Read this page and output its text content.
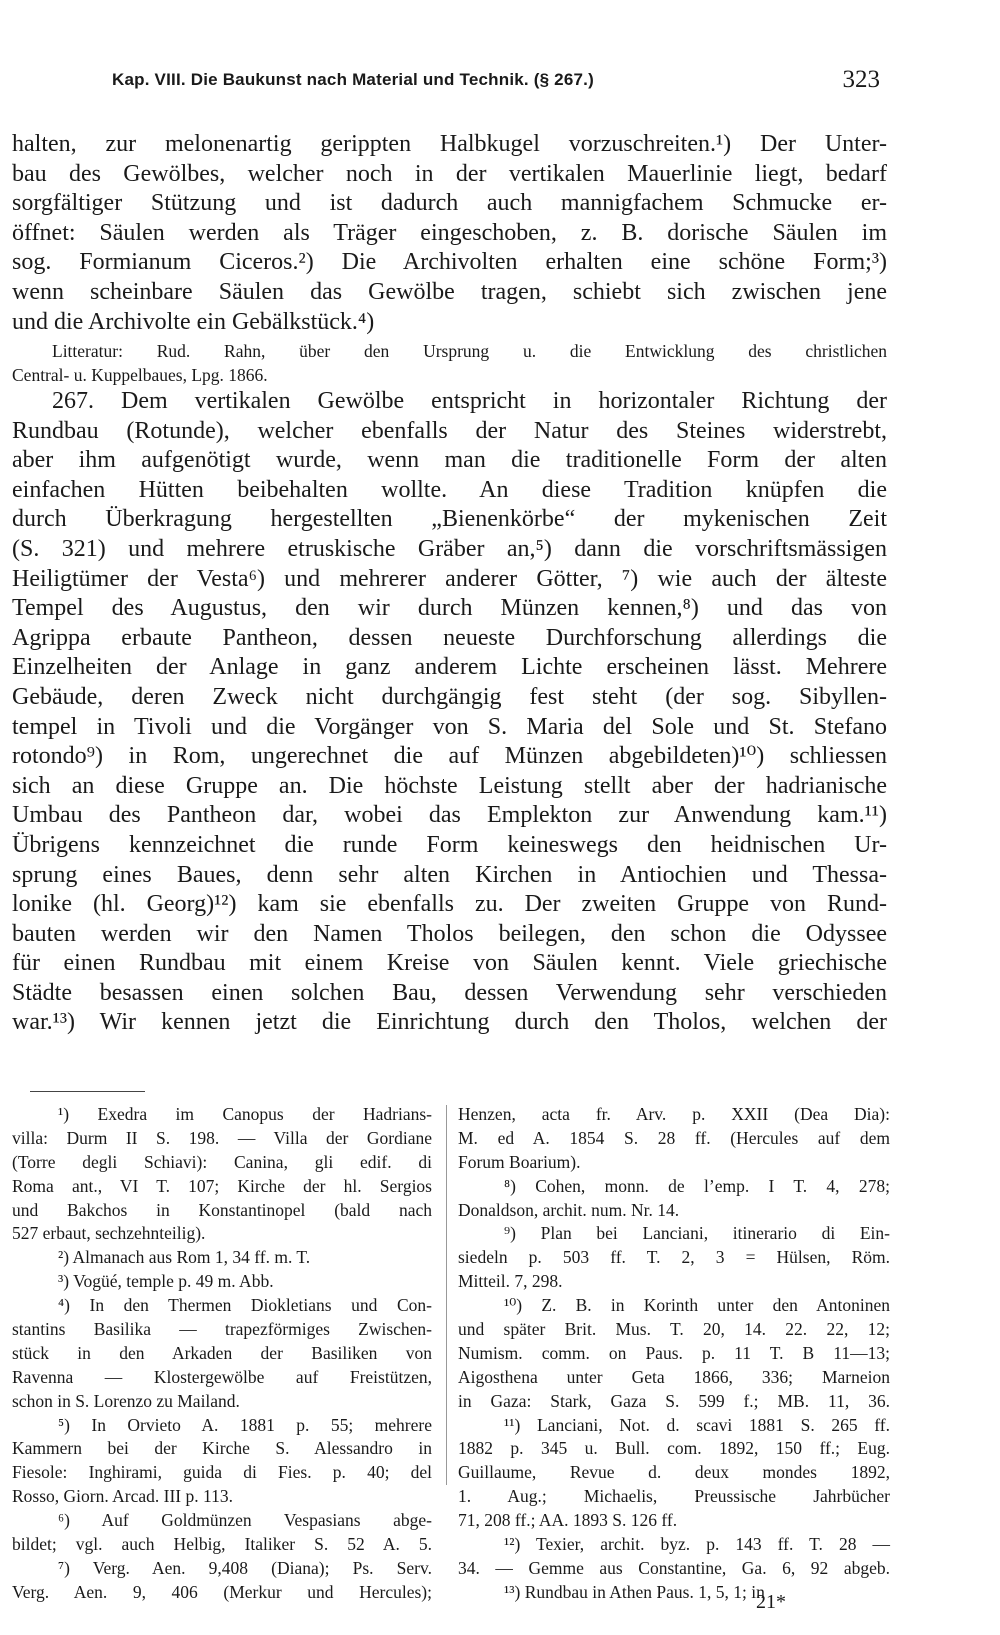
Kap. VIII. Die Baukunst nach Material und Technik. (§ 267.)	323
halten, zur melonenartig gerippten Halbkugel vorzuschreiten.¹) Der Unter-
bau des Gewölbes, welcher noch in der vertikalen Mauerlinie liegt, bedarf
sorgfältiger Stützung und ist dadurch auch mannigfachem Schmucke er-
öffnet: Säulen werden als Träger eingeschoben, z. B. dorische Säulen im
sog. Formianum Ciceros.²) Die Archivolten erhalten eine schöne Form;³)
wenn scheinbare Säulen das Gewölbe tragen, schiebt sich zwischen jene
und die Archivolte ein Gebälkstück.⁴)
Litteratur: Rud. Rahn, über den Ursprung u. die Entwicklung des christlichen
Central- u. Kuppelbaues, Lpg. 1866.
267. Dem vertikalen Gewölbe entspricht in horizontaler Richtung der
Rundbau (Rotunde), welcher ebenfalls der Natur des Steines widerstrebt,
aber ihm aufgenötigt wurde, wenn man die traditionelle Form der alten
einfachen Hütten beibehalten wollte. An diese Tradition knüpfen die
durch Überkragung hergestellten „Bienenkörbe“ der mykenischen Zeit
(S. 321) und mehrere etruskische Gräber an,⁵) dann die vorschriftsmässigen
Heiligtümer der Vesta⁶) und mehrerer anderer Götter, ⁷) wie auch der älteste
Tempel des Augustus, den wir durch Münzen kennen,⁸) und das von
Agrippa erbaute Pantheon, dessen neueste Durchforschung allerdings die
Einzelheiten der Anlage in ganz anderem Lichte erscheinen lässt. Mehrere
Gebäude, deren Zweck nicht durchgängig fest steht (der sog. Sibyllen-
tempel in Tivoli und die Vorgänger von S. Maria del Sole und St. Stefano
rotondo⁹) in Rom, ungerechnet die auf Münzen abgebildeten)¹⁰) schliessen
sich an diese Gruppe an. Die höchste Leistung stellt aber der hadrianische
Umbau des Pantheon dar, wobei das Emplekton zur Anwendung kam.¹¹)
Übrigens kennzeichnet die runde Form keineswegs den heidnischen Ur-
sprung eines Baues, denn sehr alten Kirchen in Antiochien und Thessa-
lonike (hl. Georg)¹²) kam sie ebenfalls zu. Der zweiten Gruppe von Rund-
bauten werden wir den Namen Tholos beilegen, den schon die Odyssee
für einen Rundbau mit einem Kreise von Säulen kennt. Viele griechische
Städte besassen einen solchen Bau, dessen Verwendung sehr verschieden
war.¹³) Wir kennen jetzt die Einrichtung durch den Tholos, welchen der
¹) Exedra im Canopus der Hadrians-
villa: Durm II S. 198. — Villa der Gordiane
(Torre degli Schiavi): Canina, gli edif. di
Roma ant., VI T. 107; Kirche der hl. Sergios
und Bakchos in Konstantinopel (bald nach
527 erbaut, sechzehnteilig).
²) Almanach aus Rom 1, 34 ff. m. T.
³) Vogüé, temple p. 49 m. Abb.
⁴) In den Thermen Diokletians und Con-
stantins Basilika — trapezförmiges Zwischen-
stück in den Arkaden der Basiliken von
Ravenna — Klostergewölbe auf Freistützen,
schon in S. Lorenzo zu Mailand.
⁵) In Orvieto A. 1881 p. 55; mehrere
Kammern bei der Kirche S. Alessandro in
Fiesole: Inghirami, guida di Fies. p. 40; del
Rosso, Giorn. Arcad. III p. 113.
⁶) Auf Goldmünzen Vespasians abge-
bildet; vgl. auch Helbig, Italiker S. 52 A. 5.
⁷) Verg. Aen. 9,408 (Diana); Ps. Serv.
Verg. Aen. 9, 406 (Merkur und Hercules);
Henzen, acta fr. Arv. p. XXII (Dea Dia):
M. ed A. 1854 S. 28 ff. (Hercules auf dem
Forum Boarium).
⁸) Cohen, monn. de l’emp. I T. 4, 278;
Donaldson, archit. num. Nr. 14.
⁹) Plan bei Lanciani, itinerario di Ein-
siedeln p. 503 ff. T. 2, 3 = Hülsen, Röm.
Mitteil. 7, 298.
¹⁰) Z. B. in Korinth unter den Antoninen
und später Brit. Mus. T. 20, 14. 22. 22, 12;
Numism. comm. on Paus. p. 11 T. B 11—13;
Aigosthena unter Geta 1866, 336; Marneion
in Gaza: Stark, Gaza S. 599 f.; MB. 11, 36.
¹¹) Lanciani, Not. d. scavi 1881 S. 265 ff.
1882 p. 345 u. Bull. com. 1892, 150 ff.; Eug.
Guillaume, Revue d. deux mondes 1892,
1. Aug.; Michaelis, Preussische Jahrbücher
71, 208 ff.; AA. 1893 S. 126 ff.
¹²) Texier, archit. byz. p. 143 ff. T. 28 —
34. — Gemme aus Constantine, Ga. 6, 92 abgeb.
¹³) Rundbau in Athen Paus. 1, 5, 1; in
21*
